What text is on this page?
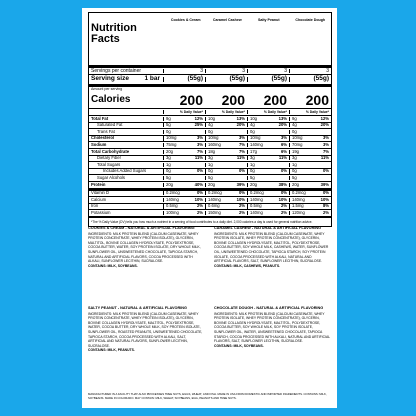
Nutrition Facts
Cookies & Cream	Caramel Cashew	Salty Peanut	Chocolate Dough
Servings per container	3	3	3	3
Serving size 1 bar	(55g)	(55g)	(55g)	(55g)
Amount per serving
Calories	200	200	200	200
% Daily Value*	% Daily Value*	% Daily Value*	% Daily Value*
Total Fat	9g	12% 10g	13% 10g	13% 9g	12%
Saturated Fat	5g	25% 4g	20% 4g	20% 4g	20%
Trans Fat	0g	0g	0g	0g
Cholesterol	10mg	3% 10mg	3% 10mg	3% 10mg	3%
Sodium	75mg	3% 160mg	7% 140mg	6% 70mg	3%
Total Carbohydrate	20g	7% 18g	7% 17g	6% 19g	7%
Dietary Fiber	3g	11% 3g	11% 3g	11% 3g	11%
Total Sugars	1g	1g	1g	1g
Includes Added Sugars	0g	0% 0g	0% 0g	0% 0g	0%
Sugar Alcohols	5g	5g	5g	5g
Protein	20g	40% 20g	39% 20g	38% 20g	39%
Vitamin D	0.2mcg	0% 0.2mcg	0% 0.2mcg	0% 0.2mcg	0%
Calcium	140mg	10% 140mg	10% 140mg	10% 140mg	10%
Iron	0.5mg	2% 0.6mg	2% 0.5mg	2% 1.5mg	8%
Potassium	100mg	2% 150mg	2% 140mg	2% 120mg	2%
*The % Daily Value (DV) tells you how much a nutrient in a serving of food contributes to a daily diet. 2,000 calories a day is used for general nutrition advice.
COOKIES & CREAM - NATURAL & ARTIFICIAL FLAVORING
INGREDIENTS: MILK PROTEIN BLEND (CALCIUM CASEINATE, WHEY PROTEIN CONCENTRATE, WHEY PROTEIN ISOLATE), GLYCERIN, MALTITOL, BOVINE COLLAGEN HYDROLYSATE, POLYDEXTROSE, COCOA BUTTER, WATER, SOY PROTEIN ISOLATE, DRY WHOLE MILK, SUNFLOWER OIL, UNSWEETENED CHOCOLATE, TAPIOCA STARCH, NATURAL AND ARTIFICIAL FLAVORS, COCOA PROCESSED WITH ALKALI, SUNFLOWER LECITHIN, SUCRALOSE.
CONTAINS: MILK, SOYBEANS.
CARAMEL CASHEW - NATURAL & ARTIFICIAL FLAVORING
INGREDIENTS: MILK PROTEIN BLEND (CALCIUM CASEINATE, WHEY PROTEIN ISOLATE, WHEY PROTEIN CONCENTRATE), GLYCERIN, BOVINE COLLAGEN HYDROLYSATE, MALTITOL, POLYDEXTROSE, COCOA BUTTER, SOY WHOLE MILK, CASHEWS, WATER, SUNFLOWER OIL, UNSWEETENED CHOCOLATE, TAPIOCA STARCH, SOY PROTEIN ISOLATE, COCOA PROCESSED WITH ALKALI, NATURAL AND ARTIFICIAL FLAVORS, SALT, SUNFLOWER LECITHIN, SUCRALOSE.
CONTAINS: MILK, CASHEWS, PEANUTS.
SALTY PEANUT - NATURAL & ARTIFICIAL FLAVORING
INGREDIENTS: MILK PROTEIN BLEND (CALCIUM CASEINATE, WHEY PROTEIN CONCENTRATE, WHEY PROTEIN ISOLATE), GLYCERIN, BOVINE COLLAGEN HYDROLYSATE, MALTITOL, POLYDEXTROSE, WATER, COCOA BUTTER, DRY WHOLE MILK, SOY PROTEIN ISOLATE, SUNFLOWER OIL, ROASTED PEANUTS, UNSWEETENED CHOCOLATE, TAPIOCA STARCH, COCOA PROCESSED WITH ALKALI, SALT, ARTIFICIAL AND NATURAL FLAVORS, SUNFLOWER LECITHIN, SUCRALOSE.
CONTAINS: MILK, PEANUTS.
CHOCOLATE DOUGH - NATURAL & ARTIFICIAL FLAVORING
INGREDIENTS: MILK PROTEIN BLEND (CALCIUM CASEINATE, WHEY PROTEIN ISOLATE, WHEY PROTEIN CONCENTRATE), GLYCERIN, BOVINE COLLAGEN HYDROLYSATE, MALTITOL, POLYDEXTROSE, COCOA BUTTER, SOY WHOLE MILK, SOY PROTEIN ISOLATE, SUNFLOWER OIL, WATER, UNSWEETENED CHOCOLATE, TAPIOCA STARCH, COCOA PROCESSED WITH ALKALI, NATURAL AND ARTIFICIAL FLAVORS, SALT, SUNFLOWER LECITHIN, SUCRALOSE.
CONTAINS: MILK, SOYBEANS.
MANUFACTURED IN A FACILITY THAT ALSO PROCESSES TREE NUTS, EGGS, WHEAT, AND FISH. MADE IN USA FROM DOMESTIC AND IMPORTED INGREDIENTS. CONTAINS: MILK, SOYBEANS. MADE IN COLORADO. MAY CONTAIN: MILK, WHEAT, SOYBEANS, EGG, PEANUTS AND TREE NUTS.
